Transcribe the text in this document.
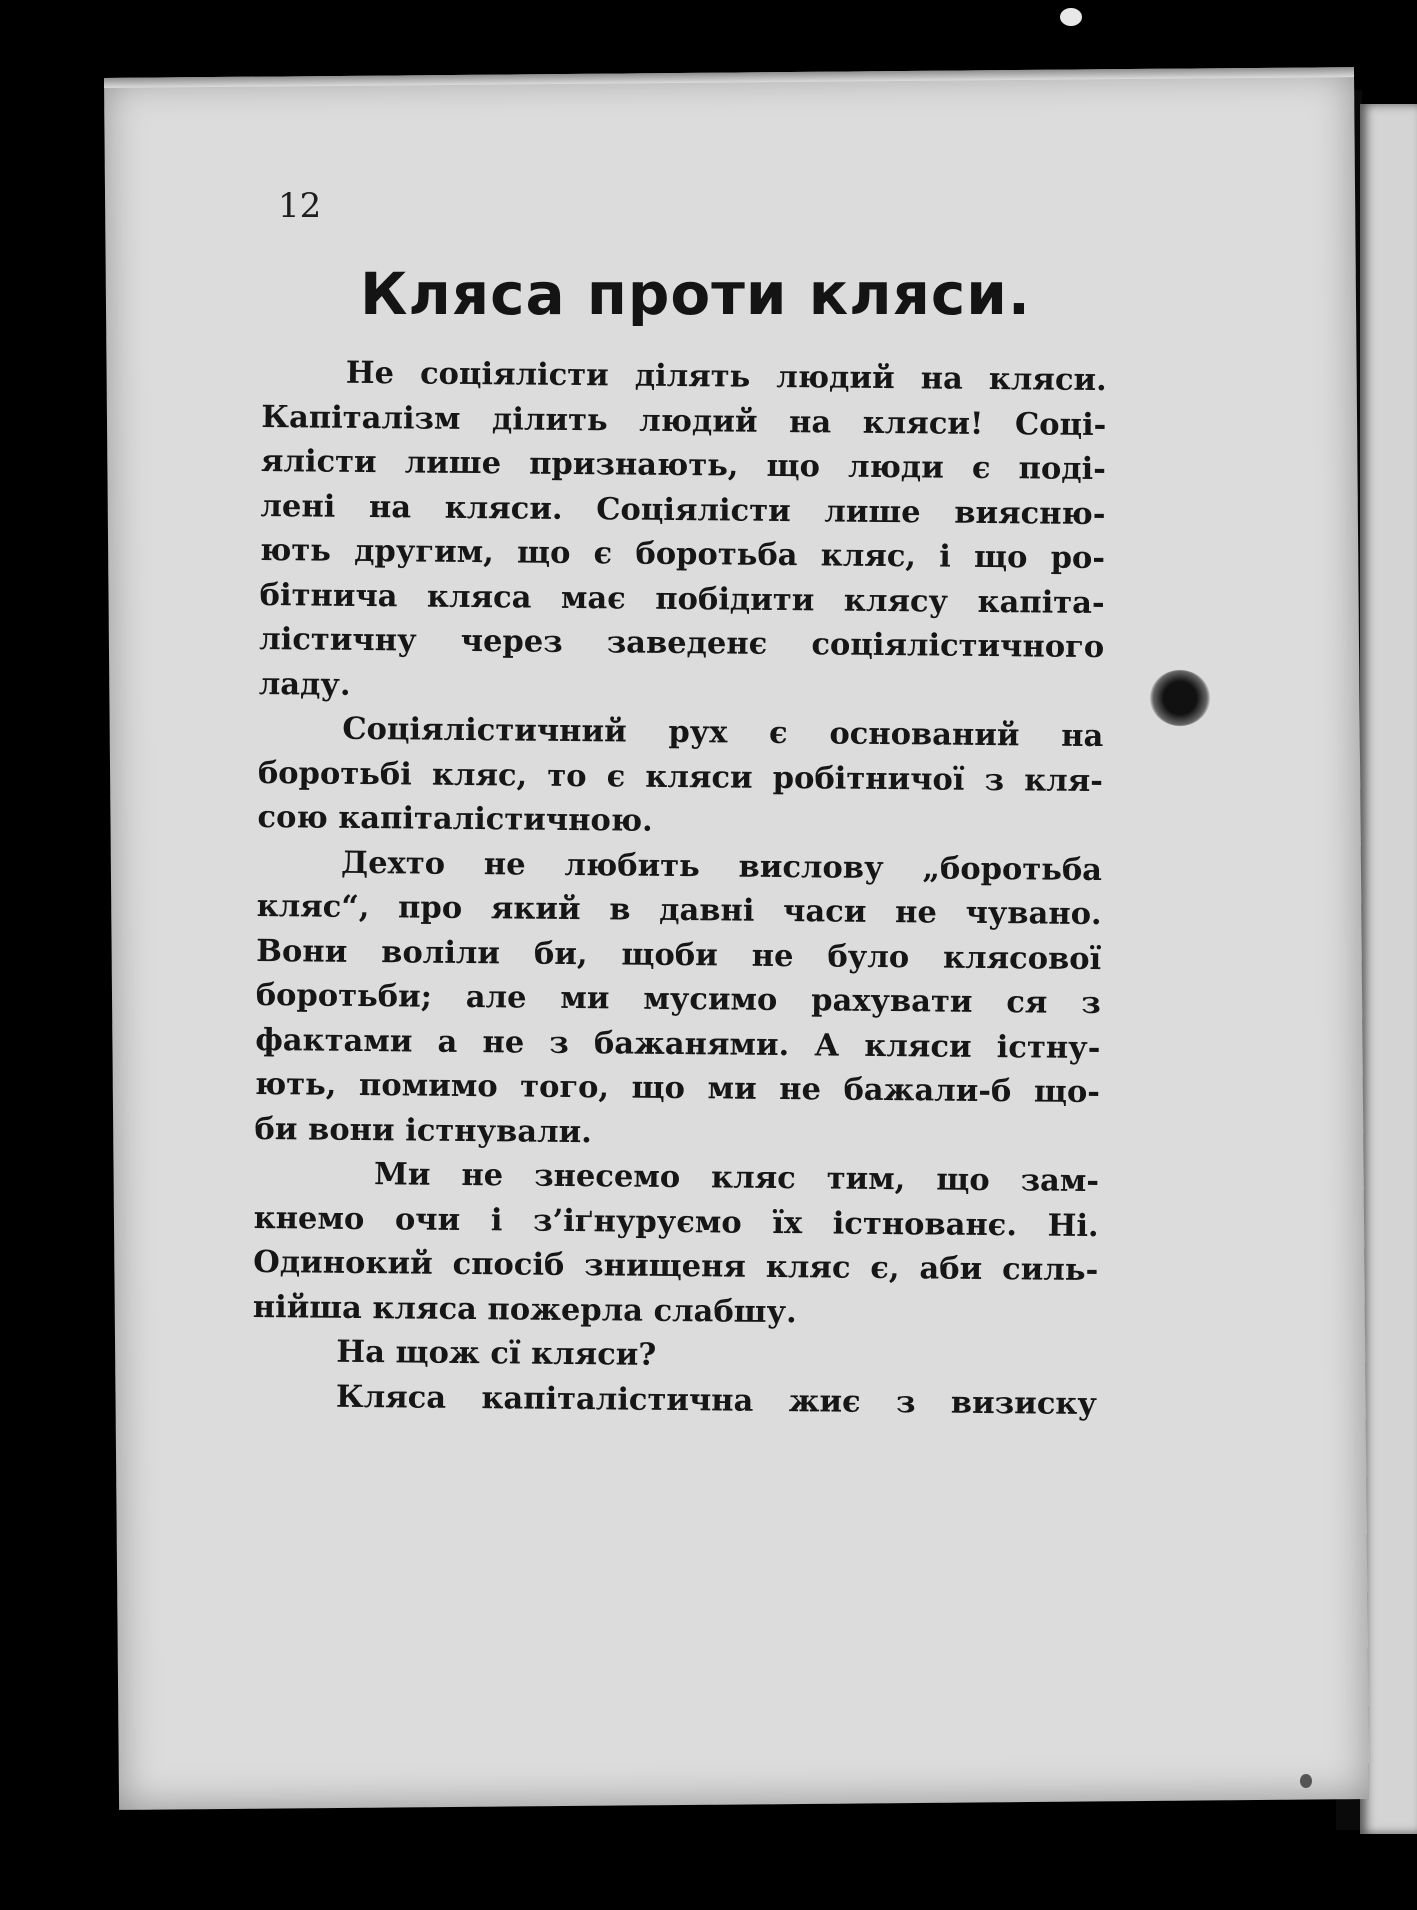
12
Кляса проти кляси.
Не соціялісти ділять людий на кляси.
Капіталізм ділить людий на кляси! Соці-
ялісти лише признають, що люди є поді-
лені на кляси. Соціялісти лише виясню-
ють другим, що є боротьба кляс, і що ро-
бітнича кляса має побідити клясу капіта-
лістичну через заведенє соціялістичного
ладу.
Соціялістичний рух є оснований на
боротьбі кляс, то є кляси робітничої з кля-
сою капіталістичною.
Дехто не любить вислову „боротьба
кляс“, про який в давні часи не чувано.
Вони воліли би, щоби не було клясової
боротьби; але ми мусимо рахувати ся з
фактами а не з бажанями. А кляси істну-
ють, помимо того, що ми не бажали-б що-
би вони істнували.
Ми не знесемо кляс тим, що зам-
кнемо очи і з’іґнуруємо їх істнованє. Ні.
Одинокий спосіб знищеня кляс є, аби силь-
нійша кляса пожерла слабшу.
На щож сї кляси?
Кляса капіталістична жиє з визиску
